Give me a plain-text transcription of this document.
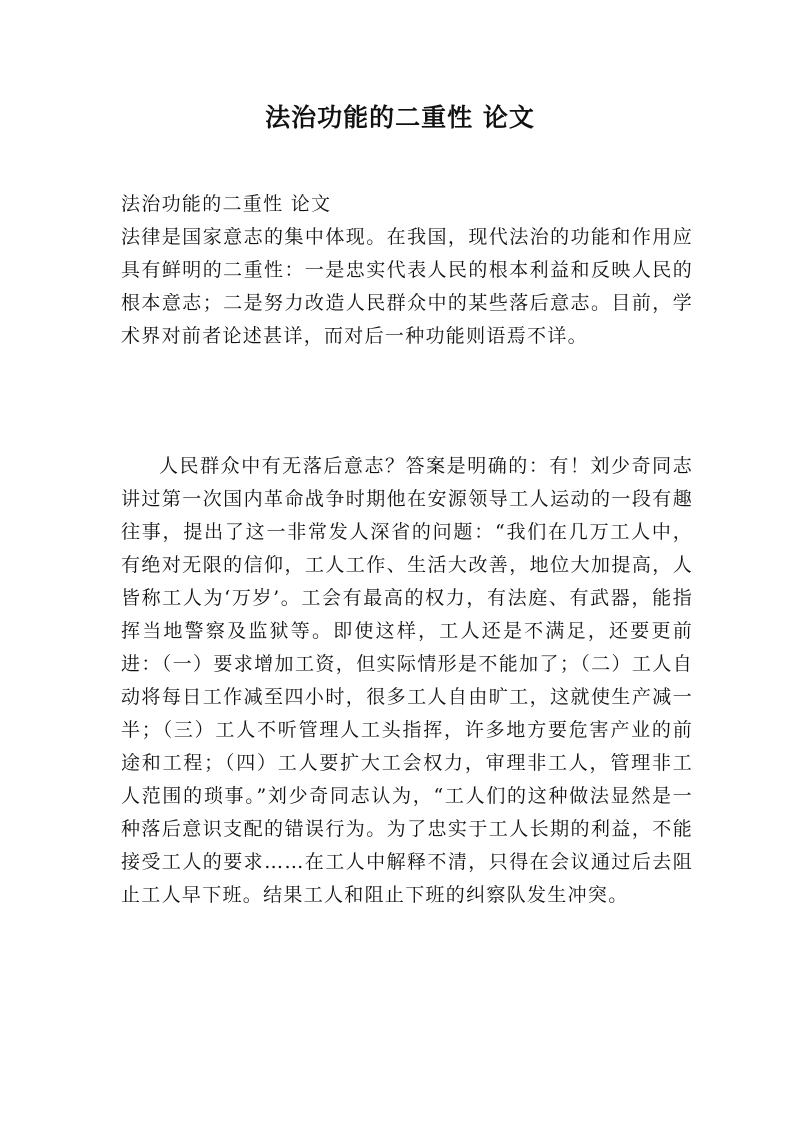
法治功能的二重性 论文
法治功能的二重性 论文

法律是国家意志的集中体现。在我国，现代法治的功能和作用应具有鲜明的二重性：一是忠实代表人民的根本利益和反映人民的根本意志；二是努力改造人民群众中的某些落后意志。目前，学术界对前者论述甚详，而对后一种功能则语焉不详。

人民群众中有无落后意志？答案是明确的：有！刘少奇同志讲过第一次国内革命战争时期他在安源领导工人运动的一段有趣往事，提出了这一非常发人深省的问题：“我们在几万工人中，有绝对无限的信仰，工人工作、生活大改善，地位大加提高，人皆称工人为‘万岁’。工会有最高的权力，有法庭、有武器，能指挥当地警察及监狱等。即使这样，工人还是不满足，还要更前进：（一）要求增加工资，但实际情形是不能加了；（二）工人自动将每日工作减至四小时，很多工人自由旷工，这就使生产减一半；（三）工人不听管理人工头指挥，许多地方要危害产业的前途和工程；（四）工人要扩大工会权力，审理非工人，管理非工人范围的琐事。”刘少奇同志认为，“工人们的这种做法显然是一种落后意识支配的错误行为。为了忠实于工人长期的利益，不能接受工人的要求……在工人中解释不清，只得在会议通过后去阻止工人早下班。结果工人和阻止下班的纠察队发生冲突。
